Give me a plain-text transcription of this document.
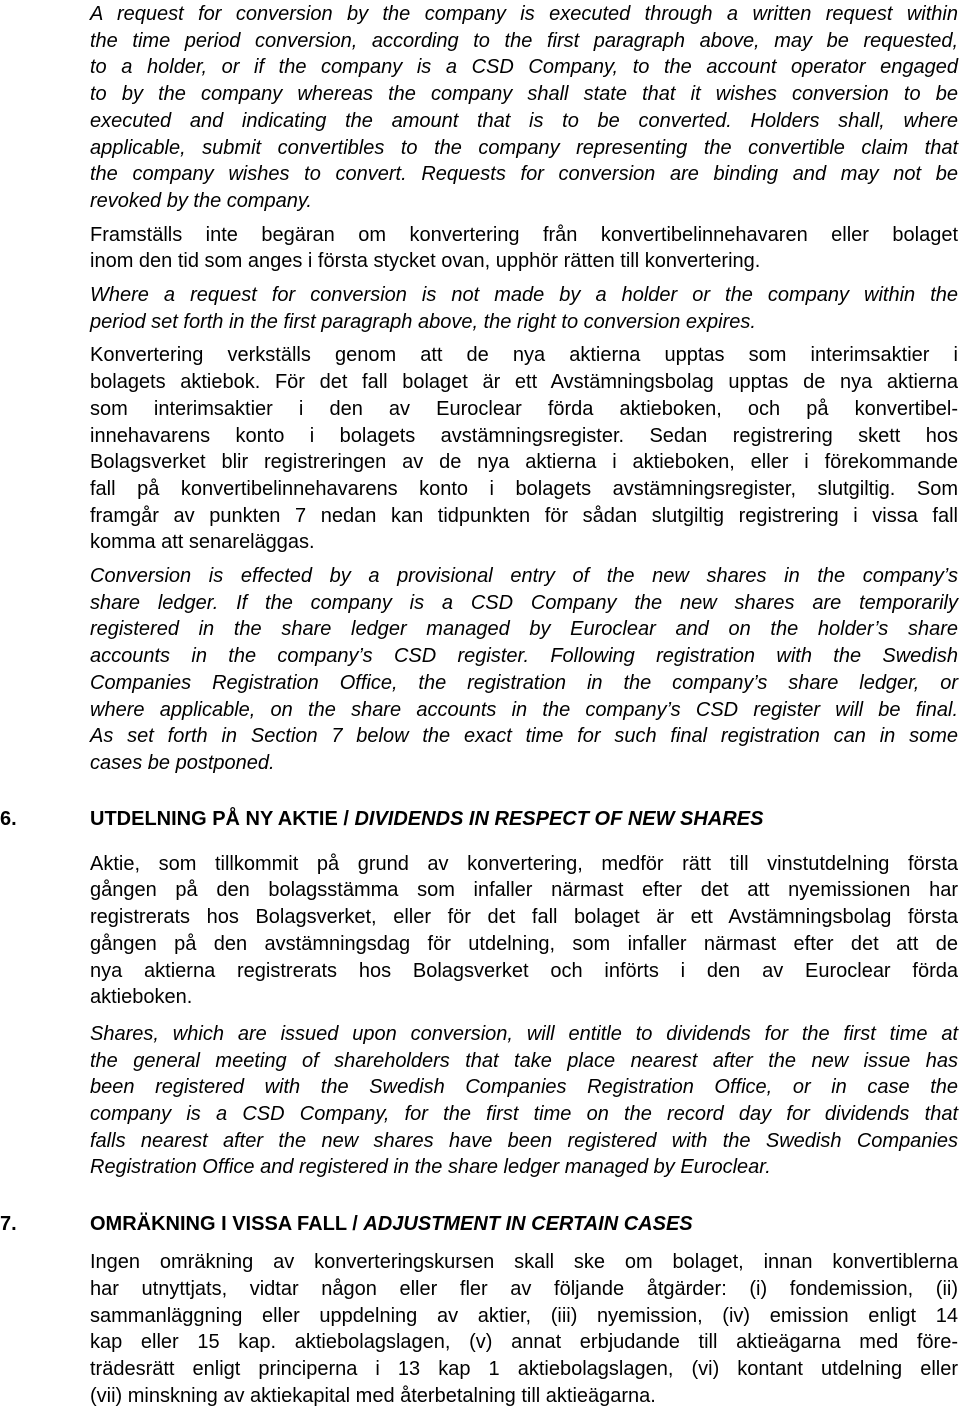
A request for conversion by the company is executed through a written request within
the time period conversion, according to the first paragraph above, may be requested,
to a holder, or if the company is a CSD Company, to the account operator engaged
to by the company whereas the company shall state that it wishes conversion to be
executed and indicating the amount that is to be converted. Holders shall, where
applicable, submit convertibles to the company representing the convertible claim that
the company wishes to convert. Requests for conversion are binding and may not be
revoked by the company.

Framställs inte begäran om konvertering från konvertibelinnehavaren eller bolaget
inom den tid som anges i första stycket ovan, upphör rätten till konvertering.

Where a request for conversion is not made by a holder or the company within the
period set forth in the first paragraph above, the right to conversion expires.

Konvertering verkställs genom att de nya aktierna upptas som interimsaktier i
bolagets aktiebok. För det fall bolaget är ett Avstämningsbolag upptas de nya aktierna
som interimsaktier i den av Euroclear förda aktieboken, och på konvertibel-
innehavarens konto i bolagets avstämningsregister. Sedan registrering skett hos
Bolagsverket blir registreringen av de nya aktierna i aktieboken, eller i förekommande
fall på konvertibelinnehavarens konto i bolagets avstämningsregister, slutgiltig. Som
framgår av punkten 7 nedan kan tidpunkten för sådan slutgiltig registrering i vissa fall
komma att senareläggas.

Conversion is effected by a provisional entry of the new shares in the company’s
share ledger. If the company is a CSD Company the new shares are temporarily
registered in the share ledger managed by Euroclear and on the holder’s share
accounts in the company’s CSD register. Following registration with the Swedish
Companies Registration Office, the registration in the company’s share ledger, or
where applicable, on the share accounts in the company’s CSD register will be final.
As set forth in Section 7 below the exact time for such final registration can in some
cases be postponed.

6.	UTDELNING PÅ NY AKTIE / DIVIDENDS IN RESPECT OF NEW SHARES

Aktie, som tillkommit på grund av konvertering, medför rätt till vinstutdelning första
gången på den bolagsstämma som infaller närmast efter det att nyemissionen har
registrerats hos Bolagsverket, eller för det fall bolaget är ett Avstämningsbolag första
gången på den avstämningsdag för utdelning, som infaller närmast efter det att de
nya aktierna registrerats hos Bolagsverket och införts i den av Euroclear förda
aktieboken.

Shares, which are issued upon conversion, will entitle to dividends for the first time at
the general meeting of shareholders that take place nearest after the new issue has
been registered with the Swedish Companies Registration Office, or in case the
company is a CSD Company, for the first time on the record day for dividends that
falls nearest after the new shares have been registered with the Swedish Companies
Registration Office and registered in the share ledger managed by Euroclear.

7.	OMRÄKNING I VISSA FALL / ADJUSTMENT IN CERTAIN CASES

Ingen omräkning av konverteringskursen skall ske om bolaget, innan konvertiblerna
har utnyttjats, vidtar någon eller fler av följande åtgärder: (i) fondemission, (ii)
sammanläggning eller uppdelning av aktier, (iii) nyemission, (iv) emission enligt 14
kap eller 15 kap. aktiebolagslagen, (v) annat erbjudande till aktieägarna med före-
trädesrätt enligt principerna i 13 kap 1 aktiebolagslagen, (vi) kontant utdelning eller
(vii) minskning av aktiekapital med återbetalning till aktieägarna.
